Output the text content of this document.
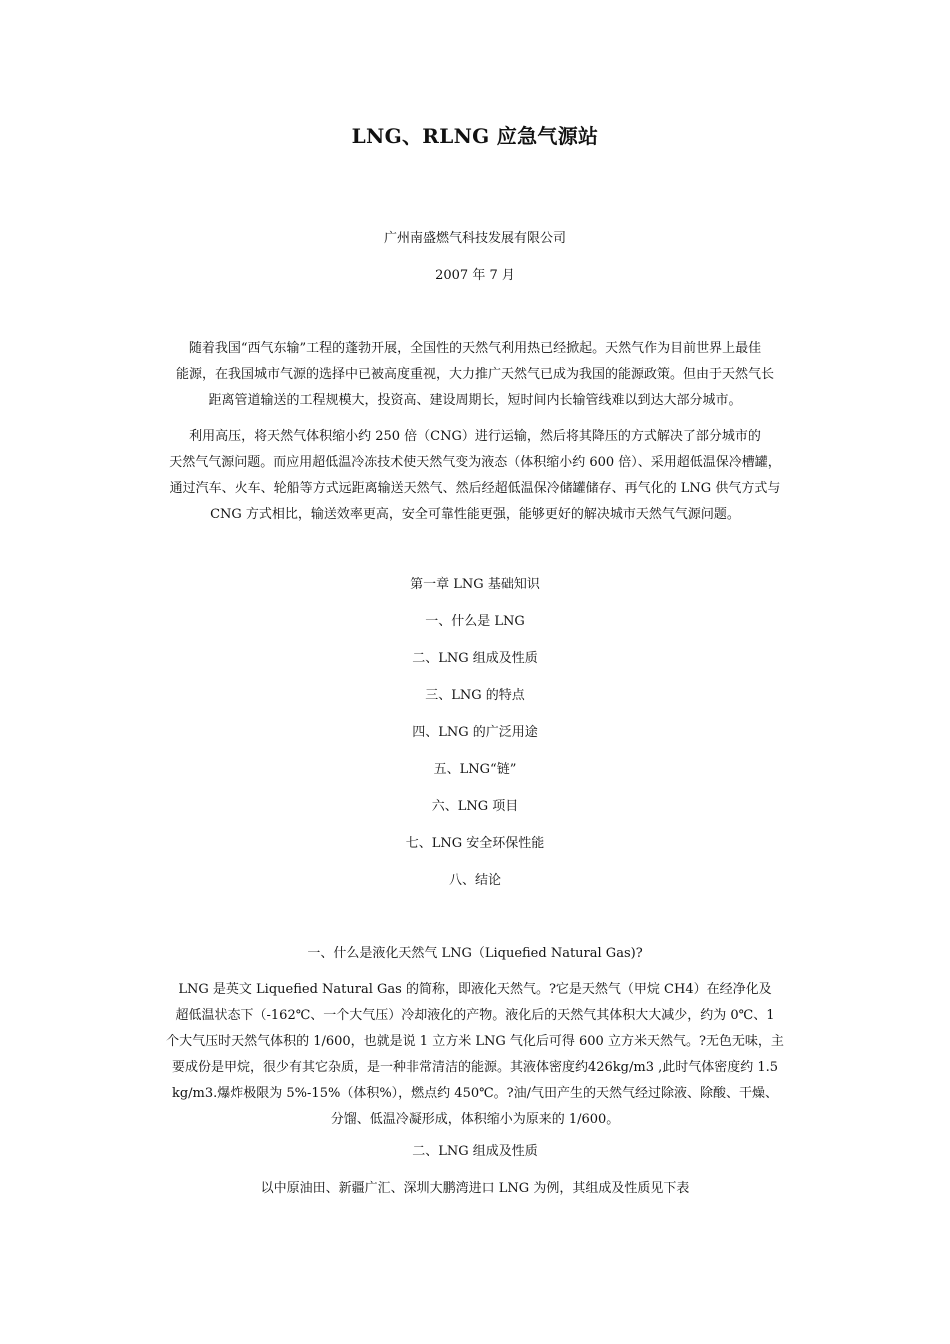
LNG、RLNG 应急气源站
广州南盛燃气科技发展有限公司
2007 年 7 月
随着我国“西气东输”工程的蓬勃开展，全国性的天然气利用热已经掀起。天然气作为目前世界上最佳
能源，在我国城市气源的选择中已被高度重视，大力推广天然气已成为我国的能源政策。但由于天然气长
距离管道输送的工程规模大，投资高、建设周期长，短时间内长输管线难以到达大部分城市。
利用高压，将天然气体积缩小约 250 倍（CNG）进行运输，然后将其降压的方式解决了部分城市的
天然气气源问题。而应用超低温冷冻技术使天然气变为液态（体积缩小约 600 倍）、采用超低温保冷槽罐，
通过汽车、火车、轮船等方式远距离输送天然气、然后经超低温保冷储罐储存、再气化的 LNG 供气方式与
CNG 方式相比，输送效率更高，安全可靠性能更强，能够更好的解决城市天然气气源问题。
第一章 LNG 基础知识
一、什么是 LNG
二、LNG 组成及性质
三、LNG 的特点
四、LNG 的广泛用途
五、LNG“链”
六、LNG 项目
七、LNG 安全环保性能
八、结论
一、什么是液化天然气 LNG（Liquefied Natural Gas)?
LNG 是英文 Liquefied Natural Gas 的简称，即液化天然气。?它是天然气（甲烷 CH4）在经净化及
超低温状态下（-162℃、一个大气压）冷却液化的产物。液化后的天然气其体积大大减少，约为 0℃、1
个大气压时天然气体积的 1/600，也就是说 1 立方米 LNG 气化后可得 600 立方米天然气。?无色无味，主
要成份是甲烷，很少有其它杂质，是一种非常清洁的能源。其液体密度约426kg/m3 ,此时气体密度约 1.5
kg/m3.爆炸极限为 5%-15%（体积%），燃点约 450℃。?油/气田产生的天然气经过除液、除酸、干燥、
分馏、低温冷凝形成，体积缩小为原来的 1/600。
二、LNG 组成及性质
以中原油田、新疆广汇、深圳大鹏湾进口 LNG 为例，其组成及性质见下表
